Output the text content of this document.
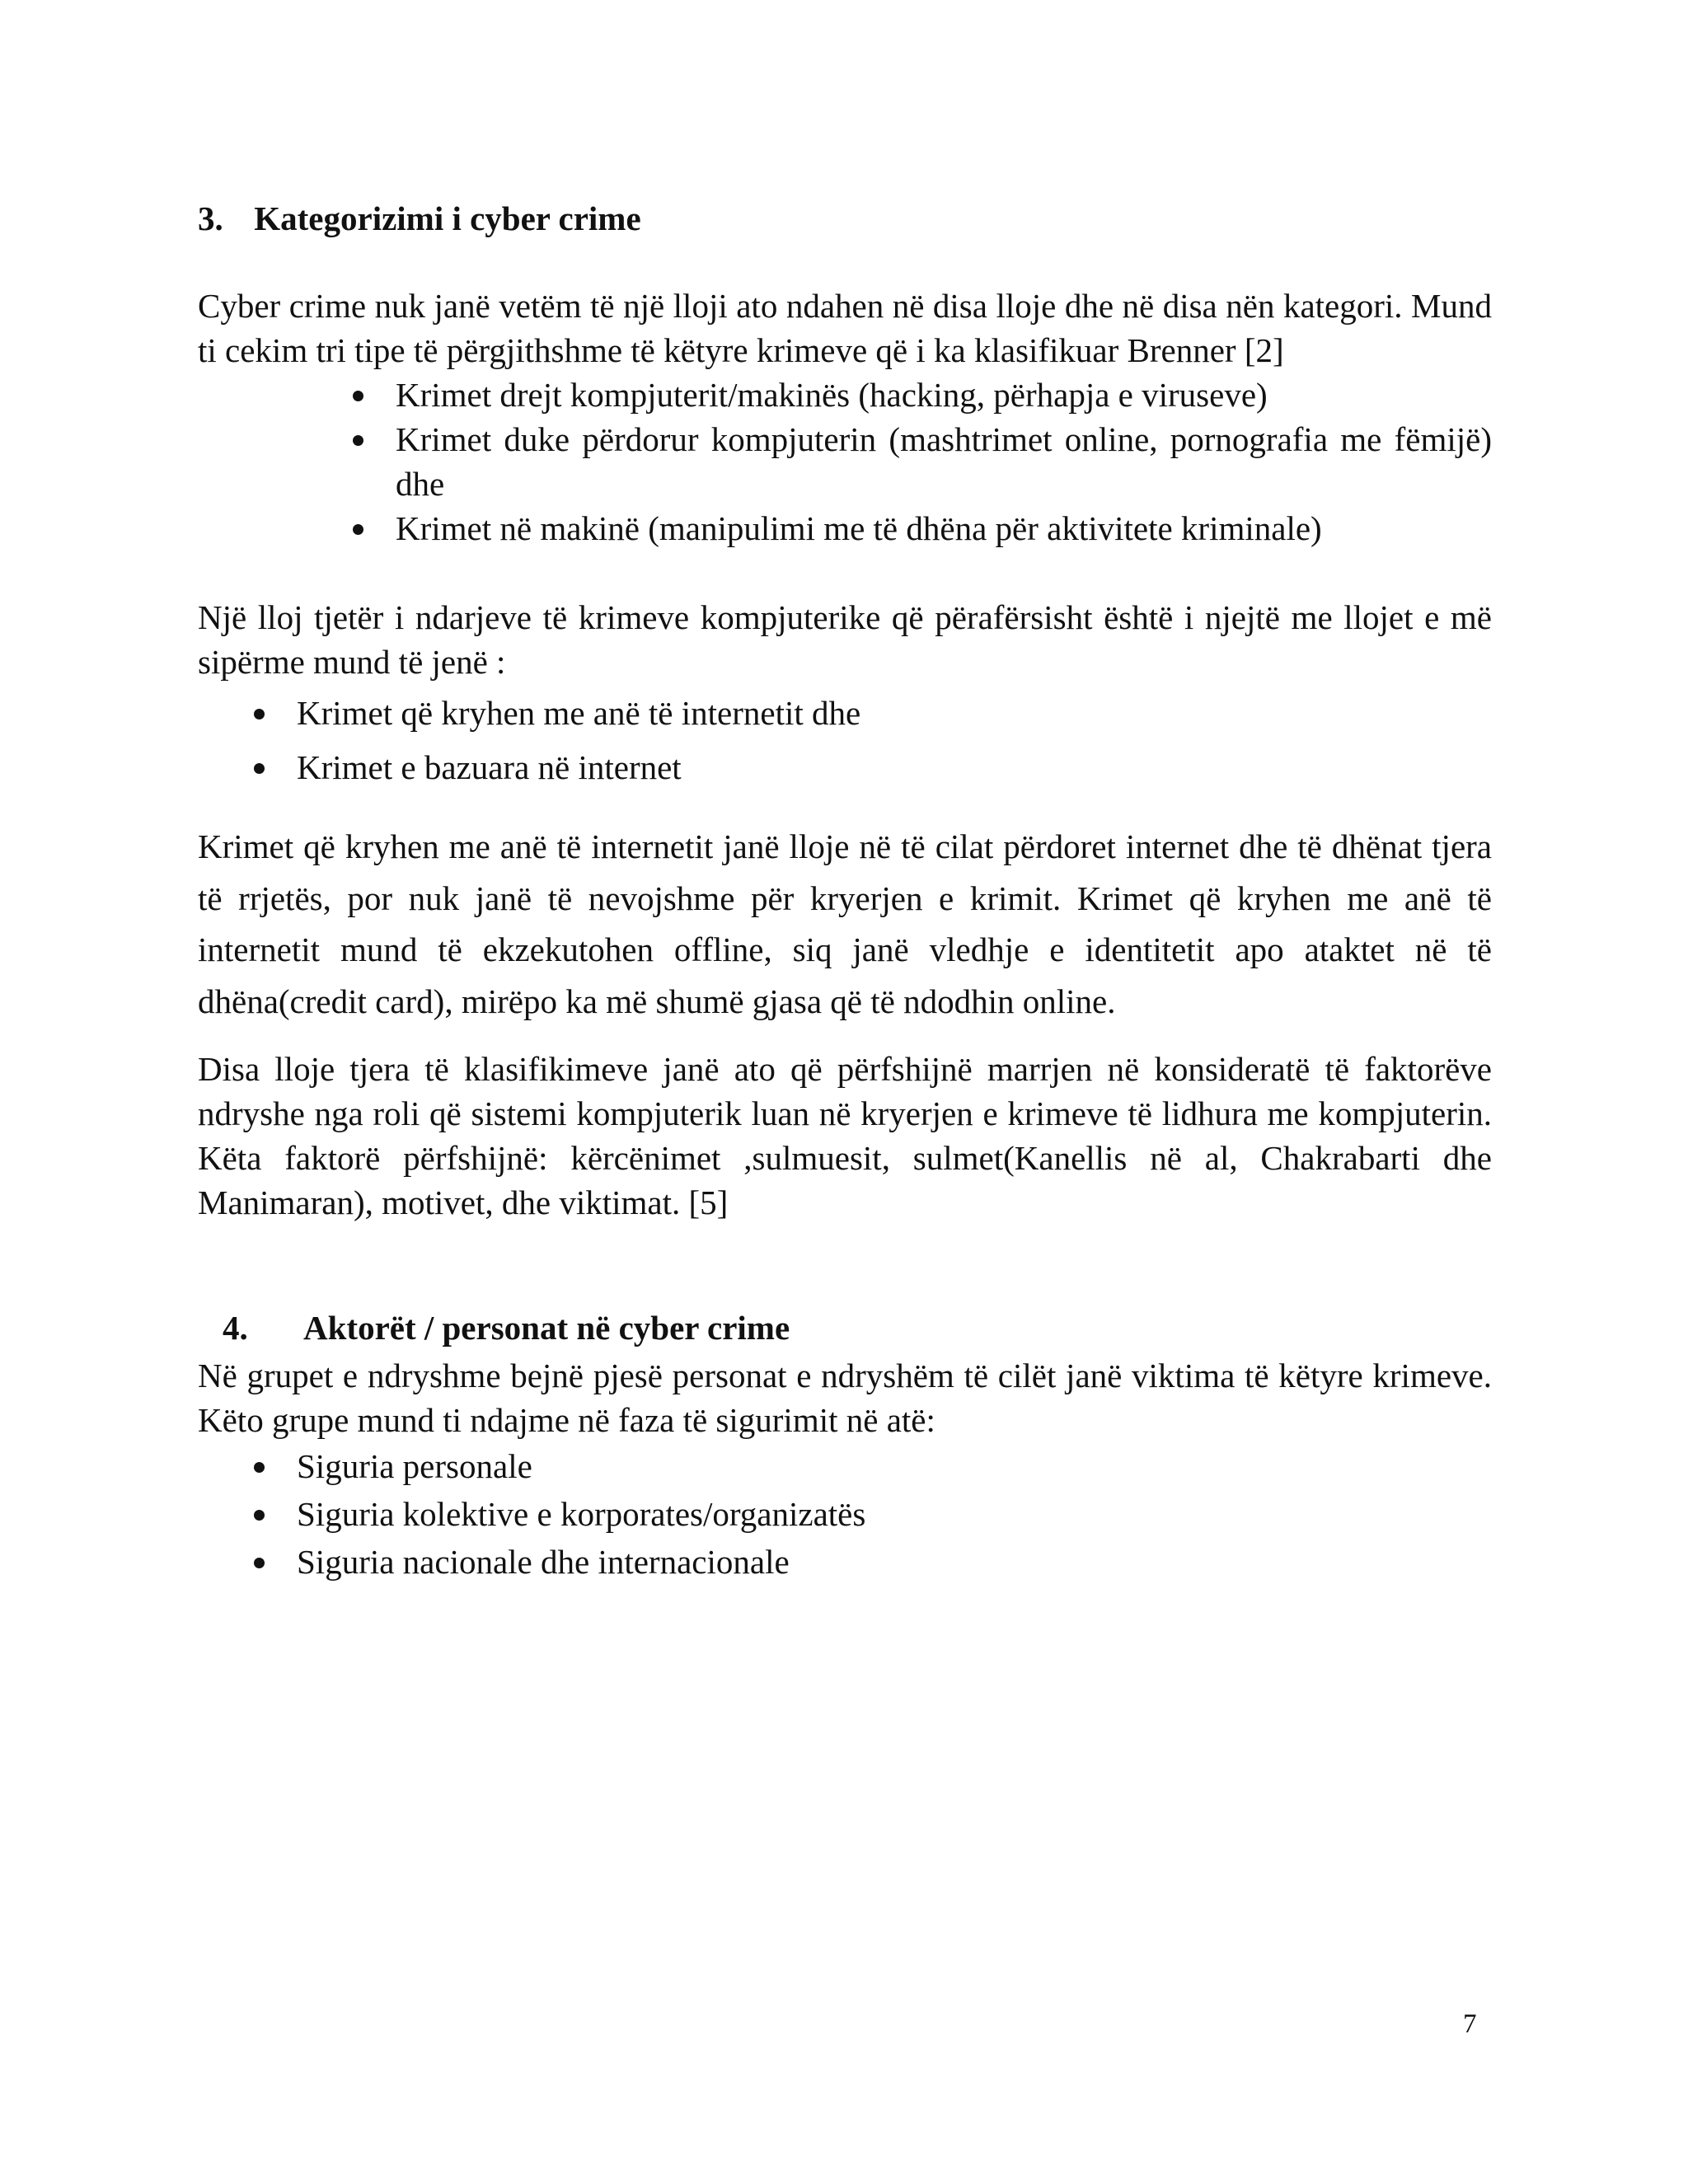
3. Kategorizimi i cyber crime

Cyber crime nuk janë vetëm të një lloji ato ndahen në disa lloje dhe në disa nën kategori. Mund ti cekim tri tipe të përgjithshme të këtyre krimeve që i ka klasifikuar Brenner [2]

Krimet drejt kompjuterit/makinës (hacking, përhapja e viruseve)
Krimet duke përdorur kompjuterin (mashtrimet online, pornografia me fëmijë) dhe
Krimet në makinë (manipulimi me të dhëna për aktivitete kriminale)

Një lloj tjetër i ndarjeve të krimeve kompjuterike që përafërsisht është i njejtë me llojet e më sipërme mund të jenë :

Krimet që kryhen me anë të internetit dhe
Krimet e bazuara në internet

Krimet që kryhen me anë të internetit janë lloje në të cilat përdoret internet dhe të dhënat tjera të rrjetës, por nuk janë të nevojshme për kryerjen e krimit. Krimet që kryhen me anë të internetit mund të ekzekutohen offline, siq janë vledhje e identitetit apo ataktet në të dhëna(credit card), mirëpo ka më shumë gjasa që të ndodhin online.

Disa lloje tjera të klasifikimeve janë ato që përfshijnë marrjen në konsideratë të faktorëve ndryshe nga roli që sistemi kompjuterik luan në kryerjen e krimeve të lidhura me kompjuterin. Këta faktorë përfshijnë: kërcënimet ,sulmuesit, sulmet(Kanellis në al, Chakrabarti dhe Manimaran), motivet, dhe viktimat. [5]

4. Aktorët / personat në cyber crime

Në grupet e ndryshme bejnë pjesë personat e ndryshëm të cilët janë viktima të këtyre krimeve. Këto grupe mund ti ndajme në faza të sigurimit në atë:

Siguria personale
Siguria kolektive e korporates/organizatës
Siguria nacionale dhe internacionale
7
